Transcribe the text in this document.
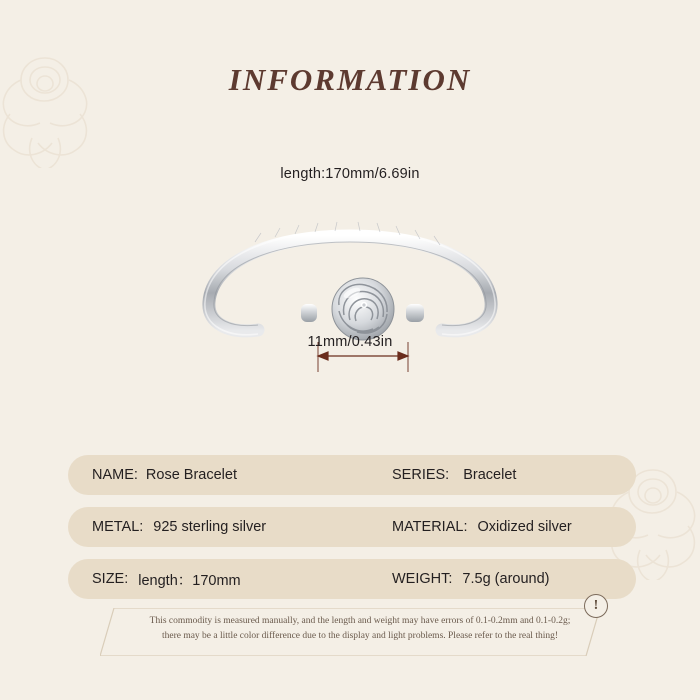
INFORMATION
length:170mm/6.69in
11mm/0.43in
NAME: Rose Bracelet	SERIES: Bracelet
METAL: 925 sterling silver	MATERIAL: Oxidized silver
SIZE: length：170mm	WEIGHT: 7.5g (around)
!
This commodity is measured manually, and the length and weight may have errors of 0.1-0.2mm and 0.1-0.2g;
there may be a little color difference due to the display and light problems. Please refer to the real thing!
